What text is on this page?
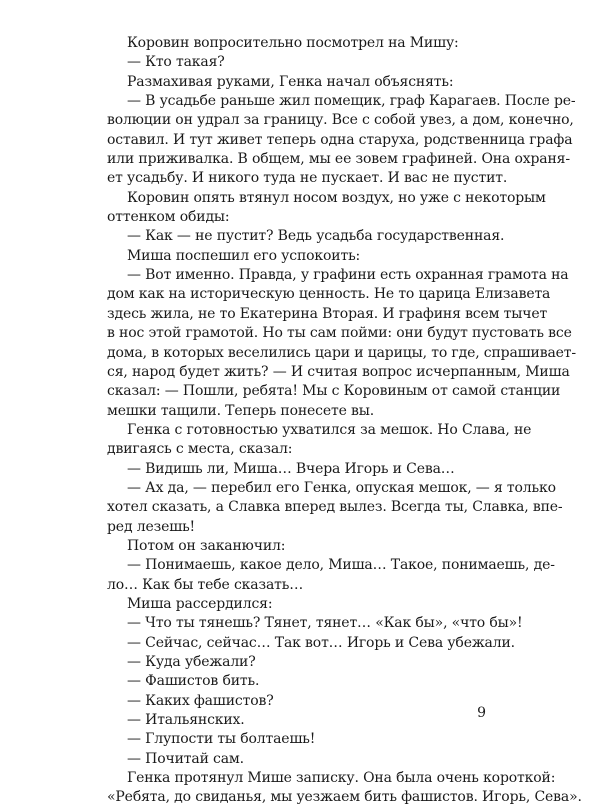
Коровин вопросительно посмотрел на Мишу:
— Кто такая?
Размахивая руками, Генка начал объяснять:
— В усадьбе раньше жил помещик, граф Карагаев. После ре-
волюции он удрал за границу. Все с собой увез, а дом, конечно,
оставил. И тут живет теперь одна старуха, родственница графа
или приживалка. В общем, мы ее зовем графиней. Она охраня-
ет усадьбу. И никого туда не пускает. И вас не пустит.
Коровин опять втянул носом воздух, но уже с некоторым
оттенком обиды:
— Как — не пустит? Ведь усадьба государственная.
Миша поспешил его успокоить:
— Вот именно. Правда, у графини есть охранная грамота на
дом как на историческую ценность. Не то царица Елизавета
здесь жила, не то Екатерина Вторая. И графиня всем тычет
в нос этой грамотой. Но ты сам пойми: они будут пустовать все
дома, в которых веселились цари и царицы, то где, спрашивает-
ся, народ будет жить? — И считая вопрос исчерпанным, Миша
сказал: — Пошли, ребята! Мы с Коровиным от самой станции
мешки тащили. Теперь понесете вы.
Генка с готовностью ухватился за мешок. Но Слава, не
двигаясь с места, сказал:
— Видишь ли, Миша… Вчера Игорь и Сева…
— Ах да, — перебил его Генка, опуская мешок, — я только
хотел сказать, а Славка вперед вылез. Всегда ты, Славка, впе-
ред лезешь!
Потом он заканючил:
— Понимаешь, какое дело, Миша… Такое, понимаешь, де-
ло… Как бы тебе сказать…
Миша рассердился:
— Что ты тянешь? Тянет, тянет… «Как бы», «что бы»!
— Сейчас, сейчас… Так вот… Игорь и Сева убежали.
— Куда убежали?
— Фашистов бить.
— Каких фашистов?
— Итальянских.
— Глупости ты болтаешь!
— Почитай сам.
Генка протянул Мише записку. Она была очень короткой:
«Ребята, до свиданья, мы уезжаем бить фашистов. Игорь, Сева».
9
